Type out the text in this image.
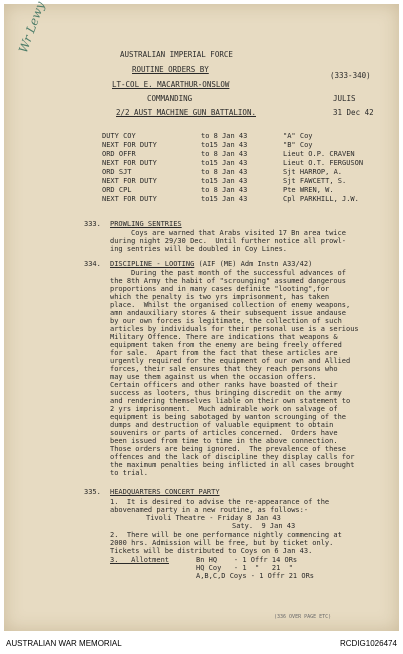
Wr Lewy	AUSTRALIAN IMPERIAL FORCE
ROUTINE ORDERS BY
LT-COL E. MACARTHUR-ONSLOW
COMMANDING
2/2 AUST MACHINE GUN BATTALION.
(333-340)
JULIS
31 Dec 42
DUTY COY	to 8 Jan 43	"A" Coy
NEXT FOR DUTY	to15 Jan 43	"B" Coy
ORD OFFR	to 8 Jan 43	Lieut O.P. CRAVEN
NEXT FOR DUTY	to15 Jan 43	Lieut O.T. FERGUSON
ORD SJT	to 8 Jan 43	Sjt HARROP, A.
NEXT FOR DUTY	to15 Jan 43	Sjt FAWCETT, S.
ORD CPL	to 8 Jan 43	Pte WREN, W.
NEXT FOR DUTY	to15 Jan 43	Cpl PARKHILL, J.W.
333. PROWLING SENTRIES
Coys are warned that Arabs visited 17 Bn area twice
during night 29/30 Dec.  Until further notice all prowl-
ing sentries will be doubled in Coy Lines.
334. DISCIPLINE - LOOTING (AIF (ME) Adm Instn A33/42)
During the past month of the successful advances of
the 8th Army the habit of "scrounging" assumed dangerous
proportions and in many cases definite "looting",for
which the penalty is two yrs imprisonment, has taken
place.  Whilst the organised collection of enemy weapons,
amn andauxiliary stores & their subsequent issue andause
by our own forces is legitimate, the collection of such
articles by individuals for their personal use is a serious
Military Offence. There are indications that weapons &
equipment taken from the enemy are being freely offered
for sale.  Apart from the fact that these articles are
urgently required for the equipment of our own and Allied
forces, their sale ensures that they reach persons who
may use them against us when the occasion offers.
Certain officers and other ranks have boasted of their
success as looters, thus bringing discredit on the army
and rendering themselves liable on their own statement to
2 yrs imprisonment.  Much admirable work on salvage of
equipment is being sabotaged by wanton scrounging of the
dumps and destruction of valuable equipment to obtain
souvenirs or parts of articles concerned.  Orders have
been issued from time to time in the above connection.
Those orders are being ignored.  The prevalence of these
offences and the lack of discipline they display calls for
the maximum penalties being inflicted in all cases brought
to trial.
335. HEADQUARTERS CONCERT PARTY
1.  It is desired to advise the re-appearance of the
abovenamed party in a new routine, as follows:-
Tivoli Theatre - Friday 8 Jan 43
Saty.  9 Jan 43
2.  There will be one performance nightly commencing at
2000 hrs. Admission will be free, but by ticket only.
Tickets will be distributed to Coys on 6 Jan 43.
3.   Allotment	Bn HQ    - 1 Offr 14 ORs
HQ Coy   - 1  "   21  "
A,B,C,D Coys - 1 Offr 21 ORs
(336 OVER PAGE ETC)
AUSTRALIAN WAR MEMORIAL	RCDIG1026474
